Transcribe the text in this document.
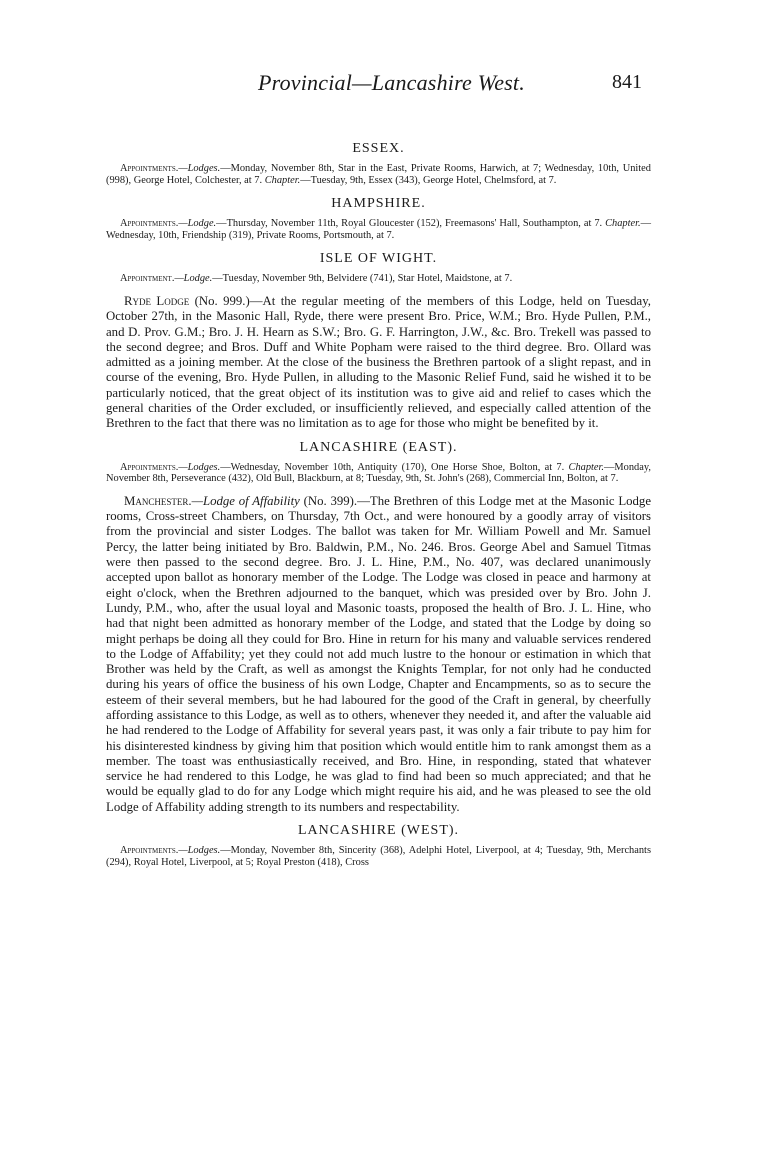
Provincial—Lancashire West.	841
ESSEX.

Appointments.—Lodges.—Monday, November 8th, Star in the East, Private Rooms, Harwich, at 7; Wednesday, 10th, United (998), George Hotel, Colchester, at 7. Chapter.—Tuesday, 9th, Essex (343), George Hotel, Chelmsford, at 7.

HAMPSHIRE.

Appointments.—Lodge.—Thursday, November 11th, Royal Gloucester (152), Freemasons' Hall, Southampton, at 7. Chapter.—Wednesday, 10th, Friendship (319), Private Rooms, Portsmouth, at 7.

ISLE OF WIGHT.

Appointment.—Lodge.—Tuesday, November 9th, Belvidere (741), Star Hotel, Maidstone, at 7.

Ryde Lodge (No. 999.)—At the regular meeting of the members of this Lodge, held on Tuesday, October 27th, in the Masonic Hall, Ryde, there were present Bro. Price, W.M.; Bro. Hyde Pullen, P.M., and D. Prov. G.M.; Bro. J. H. Hearn as S.W.; Bro. G. F. Harrington, J.W., &c. Bro. Trekell was passed to the second degree; and Bros. Duff and White Popham were raised to the third degree. Bro. Ollard was admitted as a joining member. At the close of the business the Brethren partook of a slight repast, and in course of the evening, Bro. Hyde Pullen, in alluding to the Masonic Relief Fund, said he wished it to be particularly noticed, that the great object of its institution was to give aid and relief to cases which the general charities of the Order excluded, or insufficiently relieved, and especially called attention of the Brethren to the fact that there was no limitation as to age for those who might be benefited by it.

LANCASHIRE (EAST).

Appointments.—Lodges.—Wednesday, November 10th, Antiquity (170), One Horse Shoe, Bolton, at 7. Chapter.—Monday, November 8th, Perseverance (432), Old Bull, Blackburn, at 8; Tuesday, 9th, St. John's (268), Commercial Inn, Bolton, at 7.

Manchester.—Lodge of Affability (No. 399).—The Brethren of this Lodge met at the Masonic Lodge rooms, Cross-street Chambers, on Thursday, 7th Oct., and were honoured by a goodly array of visitors from the provincial and sister Lodges. The ballot was taken for Mr. William Powell and Mr. Samuel Percy, the latter being initiated by Bro. Baldwin, P.M., No. 246. Bros. George Abel and Samuel Titmas were then passed to the second degree. Bro. J. L. Hine, P.M., No. 407, was declared unanimously accepted upon ballot as honorary member of the Lodge. The Lodge was closed in peace and harmony at eight o'clock, when the Brethren adjourned to the banquet, which was presided over by Bro. John J. Lundy, P.M., who, after the usual loyal and Masonic toasts, proposed the health of Bro. J. L. Hine, who had that night been admitted as honorary member of the Lodge, and stated that the Lodge by doing so might perhaps be doing all they could for Bro. Hine in return for his many and valuable services rendered to the Lodge of Affability; yet they could not add much lustre to the honour or estimation in which that Brother was held by the Craft, as well as amongst the Knights Templar, for not only had he conducted during his years of office the business of his own Lodge, Chapter and Encampments, so as to secure the esteem of their several members, but he had laboured for the good of the Craft in general, by cheerfully affording assistance to this Lodge, as well as to others, whenever they needed it, and after the valuable aid he had rendered to the Lodge of Affability for several years past, it was only a fair tribute to pay him for his disinterested kindness by giving him that position which would entitle him to rank amongst them as a member. The toast was enthusiastically received, and Bro. Hine, in responding, stated that whatever service he had rendered to this Lodge, he was glad to find had been so much appreciated; and that he would be equally glad to do for any Lodge which might require his aid, and he was pleased to see the old Lodge of Affability adding strength to its numbers and respectability.

LANCASHIRE (WEST).

Appointments.—Lodges.—Monday, November 8th, Sincerity (368), Adelphi Hotel, Liverpool, at 4; Tuesday, 9th, Merchants (294), Royal Hotel, Liverpool, at 5; Royal Preston (418), Cross
